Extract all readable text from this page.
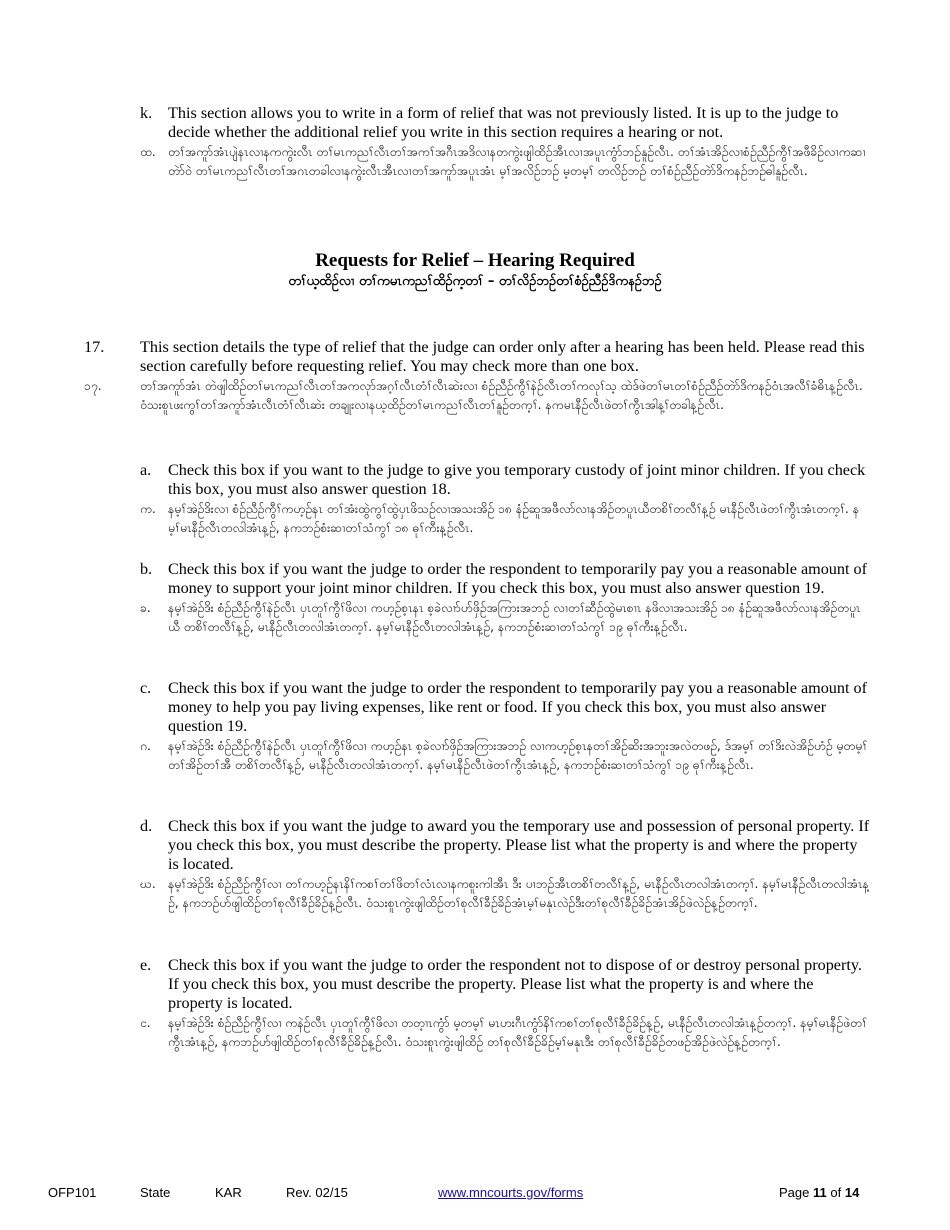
k. This section allows you to write in a form of relief that was not previously listed. It is up to the judge to decide whether the additional relief you write in this section requires a hearing or not.
ထ. တၢ်အကူာ်အံၤပျဲနၤလၢနကကွဲးလီၤ တၢ်မၤကညၢ်လီၤတၢ်အကၢ်အဂီၤအဒိလၢနတကွဲးဖျါထိဉ်အီၤလၢအပူၤကွံာ်ဘဉ်နူဉ်လီၤ. တၢ်အံၤအိဉ်လၢစံဉ်ညီဉ်ကွီၢ်အဖီခိဉ်လၢကဆၢတဲာ်ဝဲ တၢ်မၤကညၢ်လီၤတၢ်အဂၤတခါလၢနကွဲးလီၤအီၤလၢတၢ်အကူာ်အပူၤအံၤ မ့ၢ်အလိဉ်ဘဉ် မ့တမ့ၢ် တလိဉ်ဘဉ် တၢ်စံဉ်ညီဉ်တဲာ်ဒိကနဉ်ဘဉ်ဓါနူဉ်လီၤ.
Requests for Relief – Hearing Required
တၢ်ယ့ထိဉ်လၢ တၢ်ကမၤကညၢ်ထိဉ်က့တၢ် – တၢ်လိဉ်ဘဉ်တၢ်စံဉ်ညီဉ်ဒိကနဉ်ဘဉ်
17. This section details the type of relief that the judge can order only after a hearing has been held. Please read this section carefully before requesting relief. You may check more than one box.
၁၇.	တၢ်အကူာ်အံၤ တဲဖျါထိဉ်တၢ်မၤကညၢ်လီၤတၢ်အကလုာ်အဂ့ၢ်လီၤတံၢ်လီၤဆဲးလၢ စံဉ်ညီဉ်ကွီၢ်နဲဉ်လီၤတၢ်ကလုၢ်သ့ ထဲဒ်ဖဲတၢ်မၤတၢ်စံဉ်ညီဉ်တဲာ်ဒိကနဉ်ဝံၤအလီၢ်ခံဓိၤန့ဉ်လီၤ. ဝံသးစူၤဖးကွၢ်တၢ်အကူာ်အံၤလီၤတံၢ်လီၤဆဲး တချုးလၢနယ့ထိဉ်တၢ်မၤကညၢ်လီၤတၢ်နူဉ်တက့ၢ်. နကမၤနီဉ်လီၤဖဲတၢ်ကွီၤအါန့ၢ်တခါန့ဉ်လီၤ.
a. Check this box if you want to the judge to give you temporary custody of joint minor children. If you check this box, you must also answer question 18.
က. နမ့ၢ်အဲဉ်ဒိးလၢ စံဉ်ညီဉ်ကွီၢ်ကဟ့ဉ်နၤ တၢ်အံးထွဲကွၢ်ထွဲပှၤဖိသဉ်လၢအသးအိဉ် ၁၈ နံဉ်ဆူအဖီလာ်လၢနအိဉ်တပူၤယီတစိၢ်တလီၢ်န့ဉ် မၤနီဉ်လီၤဖဲတၢ်ကွီၤအံၤတက့ၢ်. နမ့ၢ်မၤနီဉ်လီၤတလါအံၤန့ဉ်, နကဘဉ်စံးဆၢတၢ်သံကွၢ် ၁၈ ဓုၢ်ကီးန့ဉ်လီၤ.
b. Check this box if you want the judge to order the respondent to temporarily pay you a reasonable amount of money to support your joint minor children. If you check this box, you must also answer question 19.
ခ. နမ့ၢ်အဲဉ်ဒိး စံဉ်ညီဉ်ကွီၢ်နဲဉ်လီၤ ပှၤတူၢ်ကွီၢ်ဖိလၢ ကဟ့ဉ်စ့ၤနၤ စ့ခဲလၢာ်ဟ်ဖှိဉ်အကြားအဘဉ် လၢတၢ်ဆီဉ်ထွဲမၤစၢၤ နဖိလၢအသးအိဉ် ၁၈ နံဉ်ဆူအဖီလာ်လၢနအိဉ်တပူၤယီ တစိၢ်တလီၢ်န့ဉ်, မၤနီဉ်လီၤတလါအံၤတက့ၢ်. နမ့ၢ်မၤနီဉ်လီၤတလါအံၤန့ဉ်, နကဘဉ်စံးဆၢတၢ်သံကွၢ် ၁၉ ဓုၢ်ကီးန့ဉ်လီၤ.
c. Check this box if you want the judge to order the respondent to temporarily pay you a reasonable amount of money to help you pay living expenses, like rent or food. If you check this box, you must also answer question 19.
ဂ. နမ့ၢ်အဲဉ်ဒိး စံဉ်ညီဉ်ကွီၢ်နဲဉ်လီၤ ပှၤတူၢ်ကွီၢ်ဖိလၢ ကဟ့ဉ်နၤ စ့ခဲလၢာ်ဖှိဉ်အကြားအဘဉ် လၢကဟ့ဉ်စ့ၤနတၢ်အိဉ်ဆိးအဘူးအလဲတဖဉ်, ဒ်အမ့ၢ် တၢ်ဒိးလဲအိဉ်ဟံဉ် မ့တမ့ၢ် တၢ်အိဉ်တၢ်အီ တစိၢ်တလီၢ်န့ဉ်, မၤနီဉ်လီၤတလါအံၤတက့ၢ်. နမ့ၢ်မၤနီဉ်လီၤဖဲတၢ်ကွီၤအံၤန့ဉ်, နကဘဉ်စံးဆၢတၢ်သံကွၢ် ၁၉ ဓုၢ်ကီးန့ဉ်လီၤ.
d. Check this box if you want the judge to award you the temporary use and possession of personal property. If you check this box, you must describe the property. Please list what the property is and where the property is located.
ဃ. နမ့ၢ်အဲဉ်ဒိး စံဉ်ညီဉ်ကွီၢ်လၢ တၢ်ကဟ့ဉ်နၤနိၢ်ကစၢ်တၢ်ဖိတၢ်လံၤလၢနကစူးကါအီၤ ဒီး ပၢဘဉ်အီၤတစိၢ်တလီၢ်န့ဉ်, မၤနီဉ်လီၤတလါအံၤတက့ၢ်. နမ့ၢ်မၤနီဉ်လီၤတလါအံၤန့ဉ်, နကဘဉ်ဟ်ဖျါထိဉ်တၢ်စုလီၢ်ခီဉ်ခိဉ်န့ဉ်လီၤ. ဝံသးစူၤကွဲးဖျါထိဉ်တၢ်စုလီၢ်ခီဉ်ခိဉ်အံၤမ့ၢ်မနုၤလဲဉ်ဒီးတၢ်စုလီၢ်ခီဉ်ခိဉ်အံၤအိဉ်ဖဲလဲဉ်န့ဉ်တက့ၢ်.
e. Check this box if you want the judge to order the respondent not to dispose of or destroy personal property. If you check this box, you must describe the property. Please list what the property is and where the property is located.
င. နမ့ၢ်အဲဉ်ဒိး စံဉ်ညီဉ်ကွီၢ်လၢ ကနဲဉ်လီၤ ပှၤတူၢ်ကွီၢ်ဖိလၢ တတ့ၢၤကွံာ် မ့တမ့ၢ် မၤဟးဂီၤကွံာ်နိၢ်ကစၢ်တၢ်စုလီၢ်ခီဉ်ခိဉ်န့ဉ်, မၤနီဉ်လီၤတလါအံၤန့ဉ်တက့ၢ်. နမ့ၢ်မၤနီဉ်ဖဲတၢ်ကွီၤအံၤန့ဉ်, နကဘဉ်ဟ်ဖျါထိဉ်တၢ်စုလီၢ်ခီဉ်ခိဉ်န့ဉ်လီၤ. ဝံသးစူၤကွဲးဖျါထိဉ် တၢ်စုလီၢ်ခီဉ်ခိဉ်မ့ၢ်မနုၤဒီး တၢ်စုလီၢ်ခီဉ်ခိဉ်တဖဉ်အိဉ်ဖဲလဲဉ်န့ဉ်တက့ၢ်.
OFP101	State	KAR	Rev. 02/15	www.mncourts.gov/forms	Page 11 of 14
